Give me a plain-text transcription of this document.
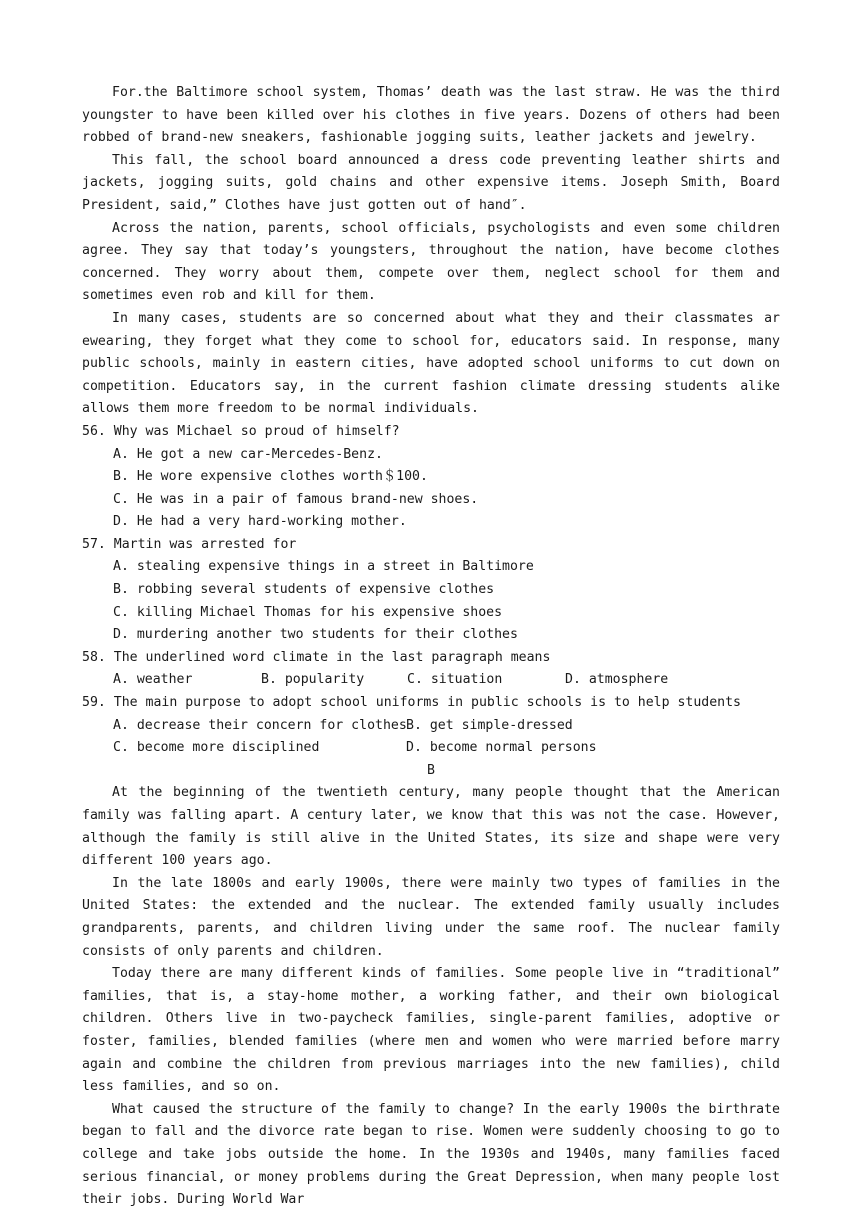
For.the Baltimore school system, Thomas’ death was the last straw. He was the third youngster to have been killed over his clothes in five years. Dozens of others had been robbed of brand-new sneakers, fashionable jogging suits, leather jackets and jewelry.

This fall, the school board announced a dress code preventing leather shirts and jackets, jogging suits, gold chains and other expensive items. Joseph Smith, Board President, said,” Clothes have just gotten out of hand″.

Across the nation, parents, school officials, psychologists and even some children agree. They say that today’s youngsters, throughout the nation, have become clothes concerned. They worry about them, compete over them, neglect school for them and sometimes even rob and kill for them.

In many cases, students are so concerned about what they and their classmates ar ewearing, they forget what they come to school for, educators said. In response, many public schools, mainly in eastern cities, have adopted school uniforms to cut down on competition. Educators say, in the current fashion climate dressing students alike allows them more freedom to be normal individuals.

56. Why was Michael so proud of himself?

A. He got a new car-Mercedes-Benz.

B. He wore expensive clothes worth＄100.

C. He was in a pair of famous brand-new shoes.

D. He had a very hard-working mother.

57. Martin was arrested for

A. stealing expensive things in a street in Baltimore

B. robbing several students of expensive clothes

C. killing Michael Thomas for his expensive shoes

D. murdering another two students for their clothes

58. The underlined word climate in the last paragraph means

A. weather	B. popularity	C. situation	D. atmosphere

59. The main purpose to adopt school uniforms in public schools is to help students

A. decrease their concern for clothes B. get simple-dressed
C. become more disciplined	D. become normal persons

B

At the beginning of the twentieth century, many people thought that the American family was falling apart. A century later, we know that this was not the case. However, although the family is still alive in the United States, its size and shape were very different 100 years ago.

In the late 1800s and early 1900s, there were mainly two types of families in the United States: the extended and the nuclear. The extended family usually includes grandparents, parents, and children living under the same roof. The nuclear family consists of only parents and children.

Today there are many different kinds of families. Some people live in “traditional” families, that is, a stay-home mother, a working father, and their own biological children. Others live in two-paycheck families, single-parent families, adoptive or foster, families, blended families (where men and women who were married before marry again and combine the children from previous marriages into the new families), child less families, and so on.

What caused the structure of the family to change? In the early 1900s the birthrate began to fall and the divorce rate began to rise. Women were suddenly choosing to go to college and take jobs outside the home. In the 1930s and 1940s, many families faced serious financial, or money problems during the Great Depression, when many people lost their jobs. During World War
